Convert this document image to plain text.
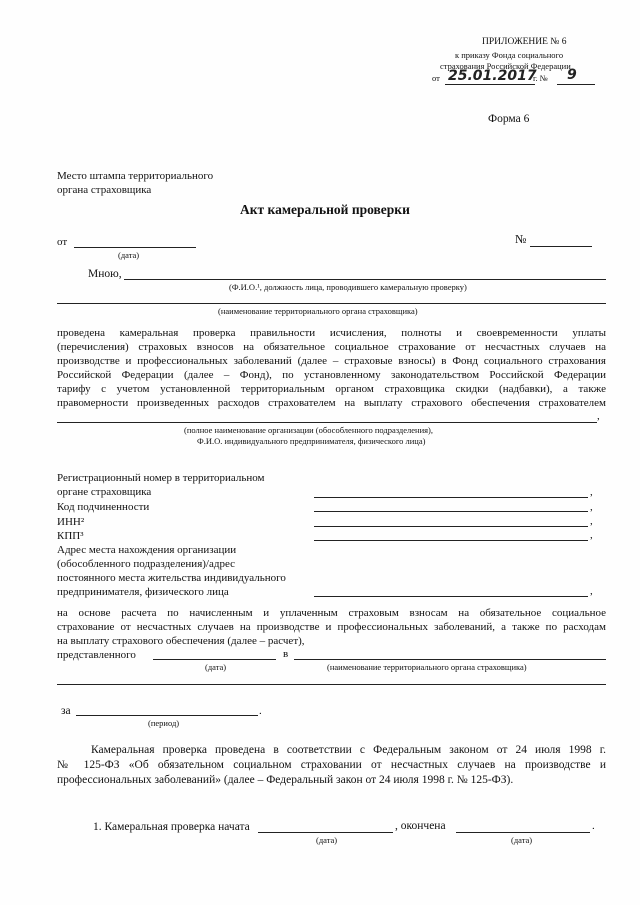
ПРИЛОЖЕНИЕ № 6
к приказу Фонда социального
страхования Российской Федерации
от 25.01.2017
г. № 9
Форма 6
Место штампа территориального
органа страховщика
Акт камеральной проверки
от
(дата)
№
Мною,
(Ф.И.О.¹, должность лица, проводившего камеральную проверку)
(наименование территориального органа страховщика)
проведена камеральная проверка правильности исчисления, полноты и своевременности уплаты
(перечисления) страховых взносов на обязательное социальное страхование от несчастных случаев на
производстве и профессиональных заболеваний (далее – страховые взносы) в Фонд социального страхования
Российской Федерации (далее – Фонд), по установленному законодательством Российской Федерации
тарифу с учетом установленной территориальным органом страховщика скидки (надбавки), а также
правомерности произведенных расходов страхователем на выплату страхового обеспечения страхователем
,
(полное наименование организации (обособленного подразделения),
Ф.И.О. индивидуального предпринимателя, физического лица)
Регистрационный номер в территориальном
органе страховщика	,
Код подчиненности	,
ИНН²	,
КПП³	,
Адрес места нахождения организации
(обособленного подразделения)/адрес
постоянного места жительства индивидуального
предпринимателя, физического лица	,
на основе расчета по начисленным и уплаченным страховым взносам на обязательное социальное
страхование от несчастных случаев на производстве и профессиональных заболеваний, а также по расходам
на выплату страхового обеспечения (далее – расчет),
представленного	в
(дата)	(наименование территориального органа страховщика)
за	.
(период)
Камеральная проверка проведена в соответствии с Федеральным законом от 24 июля 1998 г.
№ 125-ФЗ «Об обязательном социальном страховании от несчастных случаев на производстве и
профессиональных заболеваний» (далее – Федеральный закон от 24 июля 1998 г. № 125-ФЗ).
1. Камеральная проверка начата	, окончена	.
(дата)	(дата)
